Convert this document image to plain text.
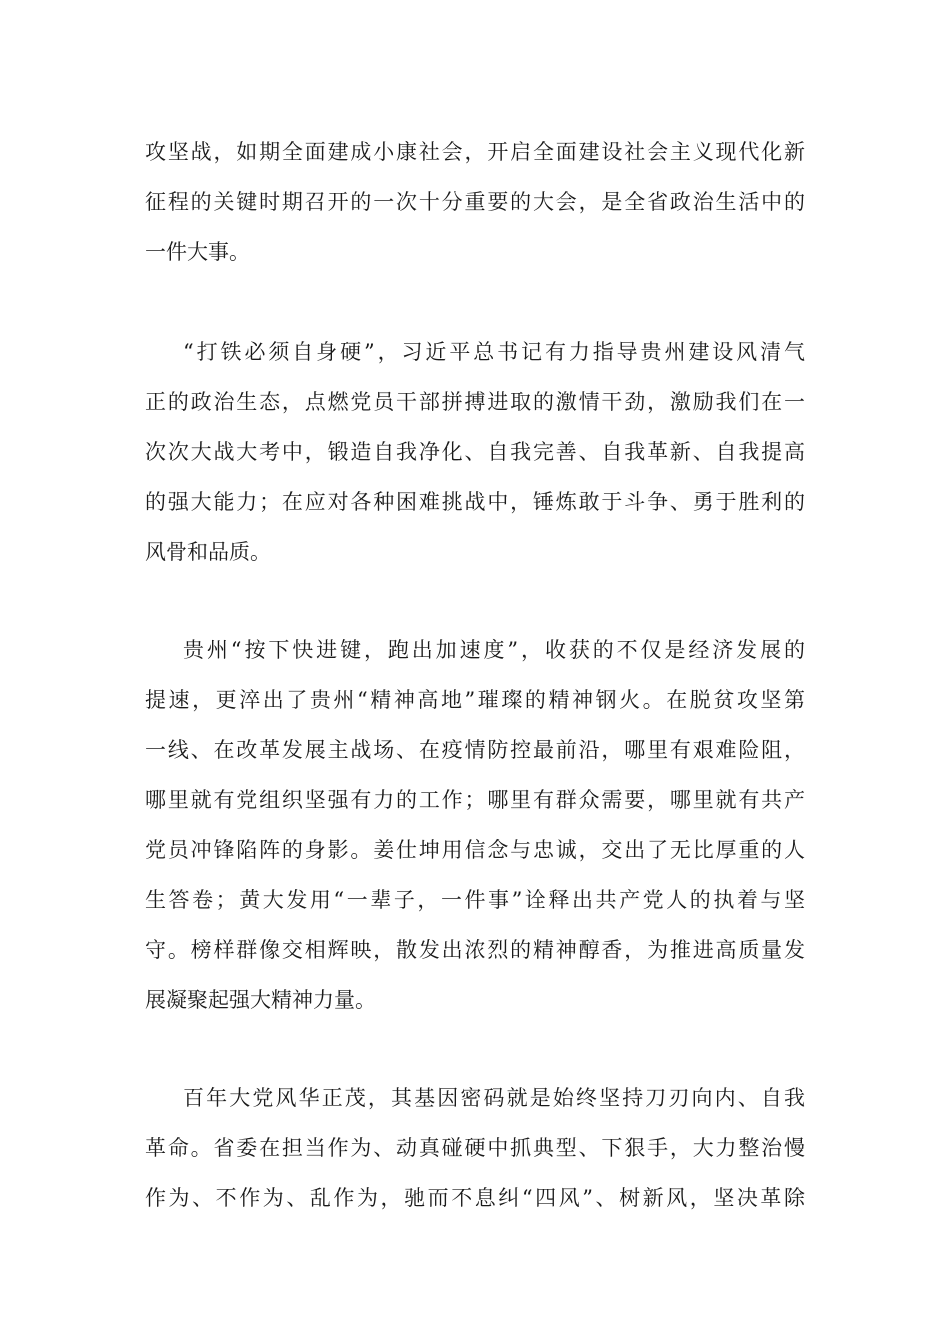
攻坚战，如期全面建成小康社会，开启全面建设社会主义现代化新

征程的关键时期召开的一次十分重要的大会，是全省政治生活中的

一件大事。

“打铁必须自身硬”，习近平总书记有力指导贵州建设风清气

正的政治生态，点燃党员干部拼搏进取的激情干劲，激励我们在一

次次大战大考中，锻造自我净化、自我完善、自我革新、自我提高

的强大能力；在应对各种困难挑战中，锤炼敢于斗争、勇于胜利的

风骨和品质。

贵州“按下快进键，跑出加速度”，收获的不仅是经济发展的

提速，更淬出了贵州“精神高地”璀璨的精神钢火。在脱贫攻坚第

一线、在改革发展主战场、在疫情防控最前沿，哪里有艰难险阻，

哪里就有党组织坚强有力的工作；哪里有群众需要，哪里就有共产

党员冲锋陷阵的身影。姜仕坤用信念与忠诚，交出了无比厚重的人

生答卷；黄大发用“一辈子，一件事”诠释出共产党人的执着与坚

守。榜样群像交相辉映，散发出浓烈的精神醇香，为推进高质量发

展凝聚起强大精神力量。

百年大党风华正茂，其基因密码就是始终坚持刀刃向内、自我

革命。省委在担当作为、动真碰硬中抓典型、下狠手，大力整治慢

作为、不作为、乱作为，驰而不息纠“四风”、树新风，坚决革除
